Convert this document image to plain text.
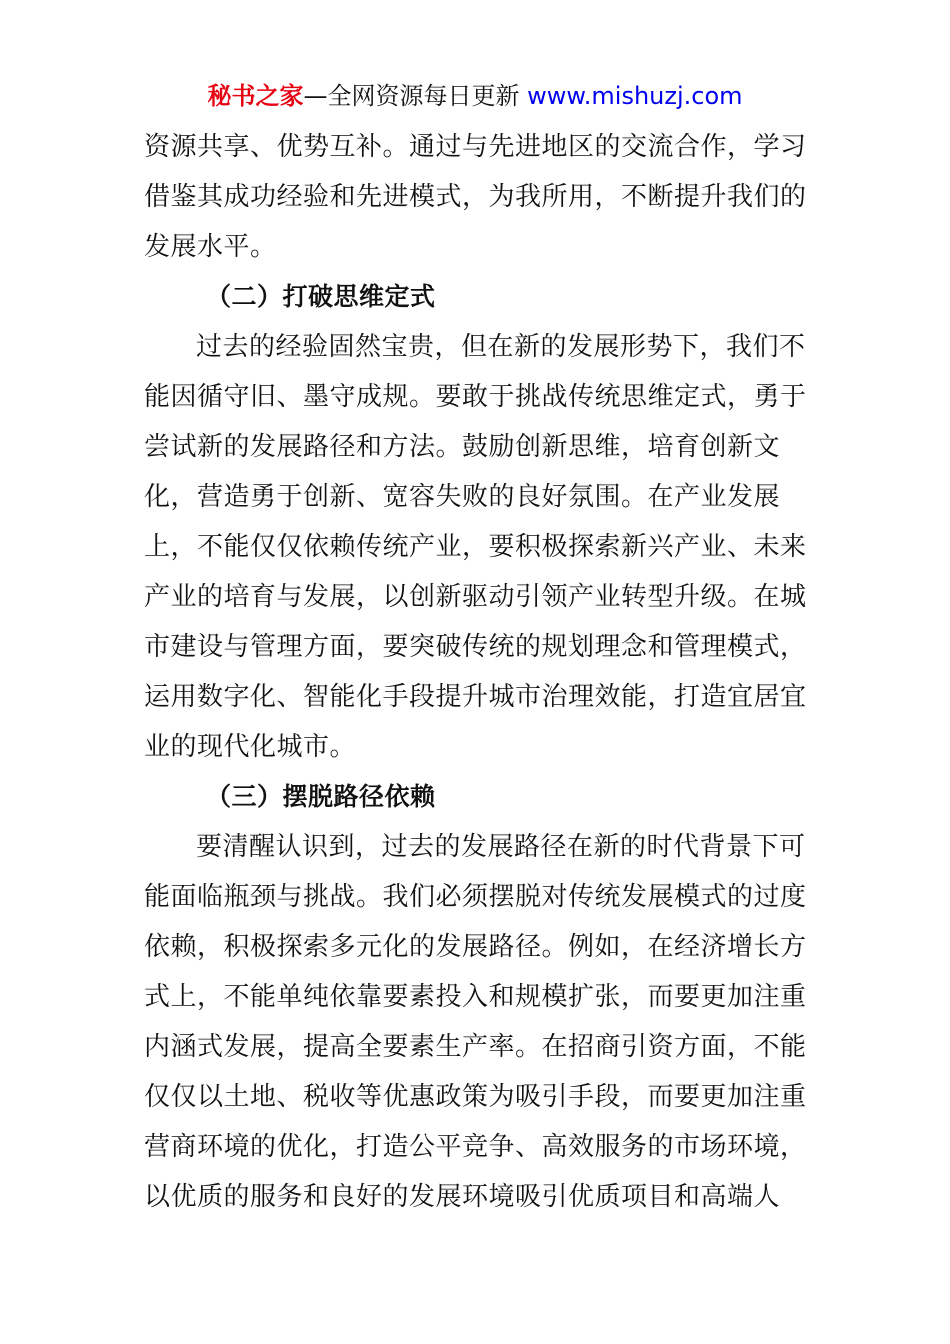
秘书之家—全网资源每日更新 www.mishuzj.com
资源共享、优势互补。通过与先进地区的交流合作，学习
借鉴其成功经验和先进模式，为我所用，不断提升我们的
发展水平。
（二）打破思维定式
过去的经验固然宝贵，但在新的发展形势下，我们不
能因循守旧、墨守成规。要敢于挑战传统思维定式，勇于
尝试新的发展路径和方法。鼓励创新思维，培育创新文
化，营造勇于创新、宽容失败的良好氛围。在产业发展
上，不能仅仅依赖传统产业，要积极探索新兴产业、未来
产业的培育与发展，以创新驱动引领产业转型升级。在城
市建设与管理方面，要突破传统的规划理念和管理模式，
运用数字化、智能化手段提升城市治理效能，打造宜居宜
业的现代化城市。
（三）摆脱路径依赖
要清醒认识到，过去的发展路径在新的时代背景下可
能面临瓶颈与挑战。我们必须摆脱对传统发展模式的过度
依赖，积极探索多元化的发展路径。例如，在经济增长方
式上，不能单纯依靠要素投入和规模扩张，而要更加注重
内涵式发展，提高全要素生产率。在招商引资方面，不能
仅仅以土地、税收等优惠政策为吸引手段，而要更加注重
营商环境的优化，打造公平竞争、高效服务的市场环境，
以优质的服务和良好的发展环境吸引优质项目和高端人
